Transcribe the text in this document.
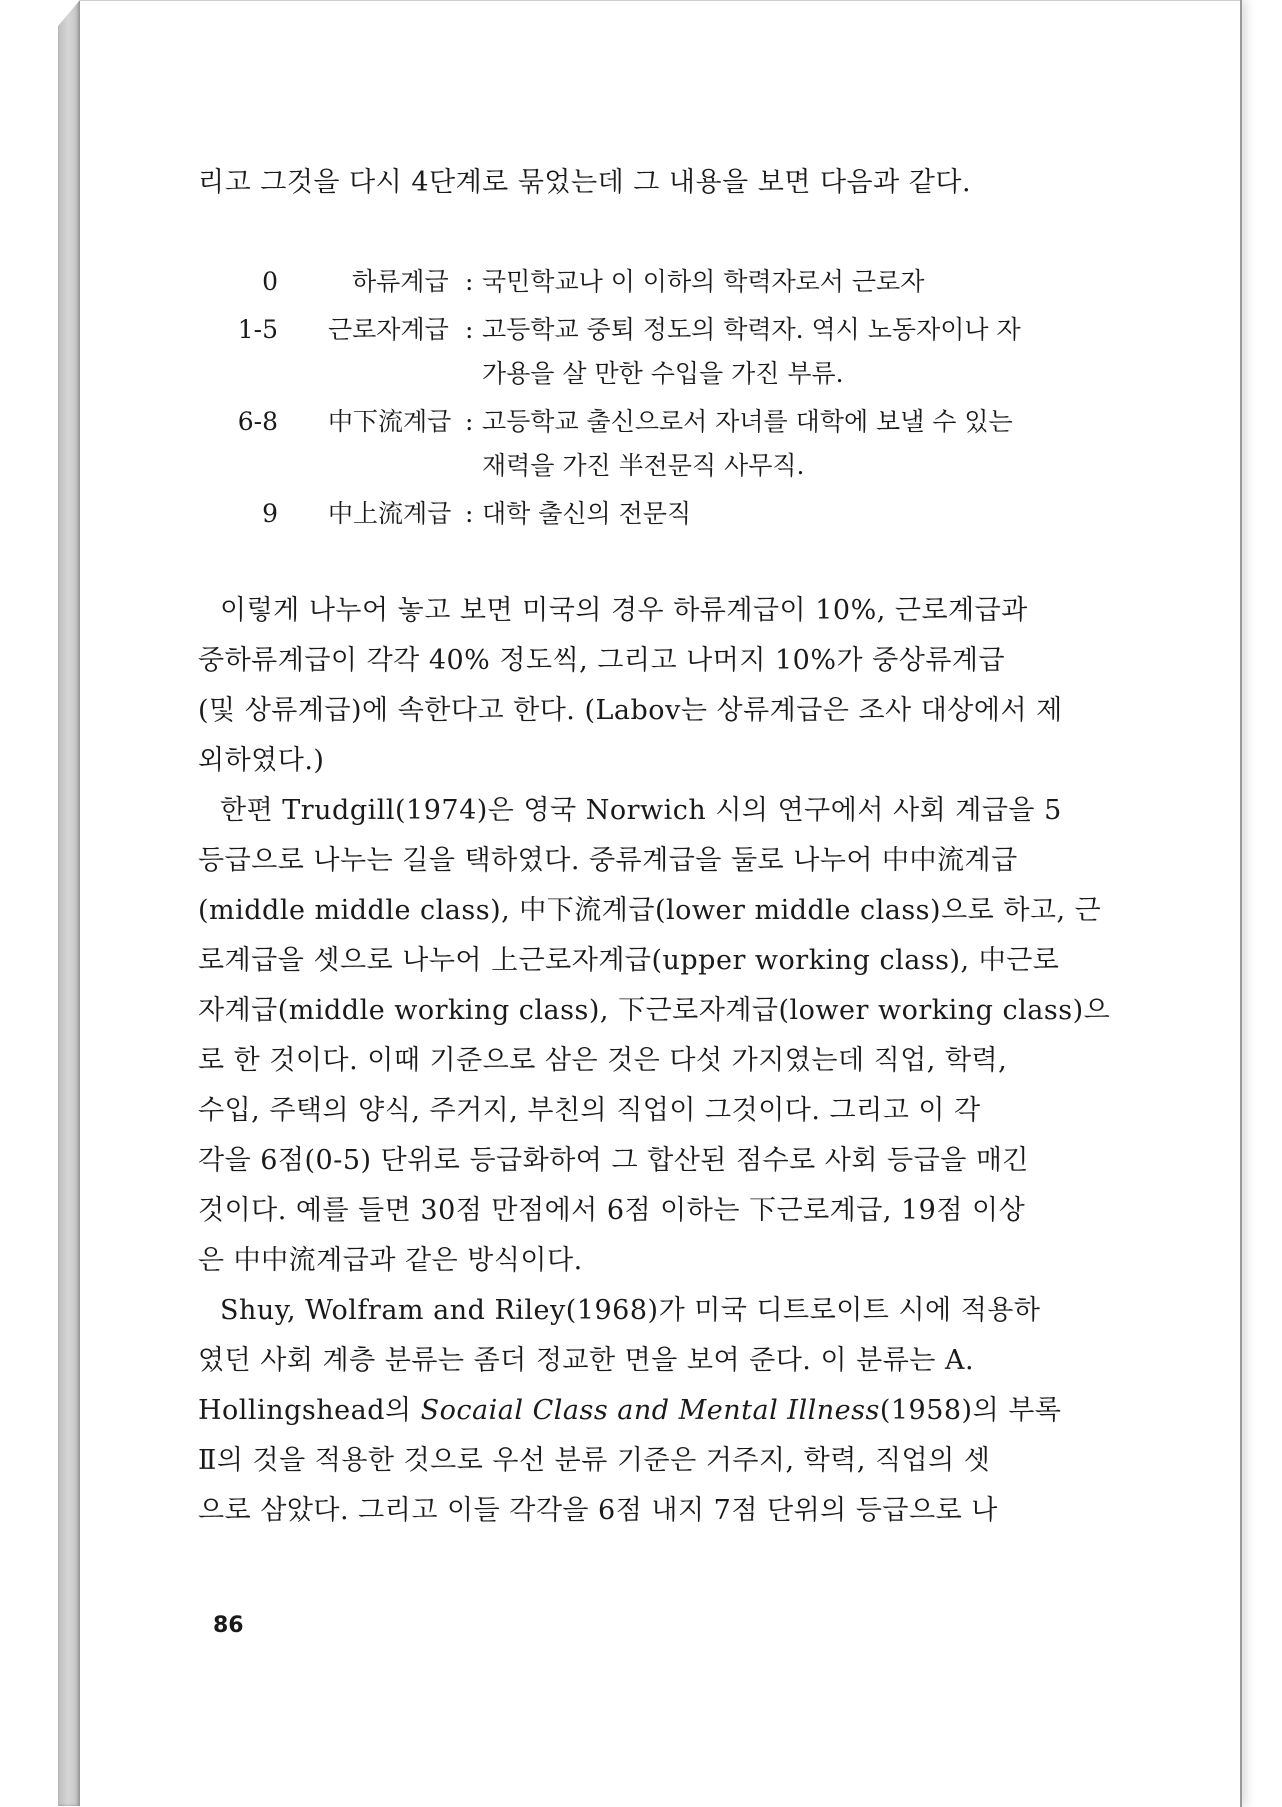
리고 그것을 다시 4단계로 묶었는데 그 내용을 보면 다음과 같다.
0	하류계급 : 국민학교나 이 이하의 학력자로서 근로자
1-5 근로자계급 : 고등학교 중퇴 정도의 학력자. 역시 노동자이나 자
가용을 살 만한 수입을 가진 부류.
6-8 中下流계급 : 고등학교 출신으로서 자녀를 대학에 보낼 수 있는
재력을 가진 半전문직 사무직.
9 中上流계급 : 대학 출신의 전문직
이렇게 나누어 놓고 보면 미국의 경우 하류계급이 10%, 근로계급과
중하류계급이 각각 40% 정도씩, 그리고 나머지 10%가 중상류계급
(및 상류계급)에 속한다고 한다. (Labov는 상류계급은 조사 대상에서 제
외하였다.)
한편 Trudgill(1974)은 영국 Norwich 시의 연구에서 사회 계급을 5
등급으로 나누는 길을 택하였다. 중류계급을 둘로 나누어 中中流계급
(middle middle class), 中下流계급(lower middle class)으로 하고, 근
로계급을 셋으로 나누어 上근로자계급(upper working class), 中근로
자계급(middle working class), 下근로자계급(lower working class)으
로 한 것이다. 이때 기준으로 삼은 것은 다섯 가지였는데 직업, 학력,
수입, 주택의 양식, 주거지, 부친의 직업이 그것이다. 그리고 이 각
각을 6점(0-5) 단위로 등급화하여 그 합산된 점수로 사회 등급을 매긴
것이다. 예를 들면 30점 만점에서 6점 이하는 下근로계급, 19점 이상
은 中中流계급과 같은 방식이다.
Shuy, Wolfram and Riley(1968)가 미국 디트로이트 시에 적용하
였던 사회 계층 분류는 좀더 정교한 면을 보여 준다. 이 분류는 A.
Hollingshead의 Socaial Class and Mental Illness(1958)의 부록
Ⅱ의 것을 적용한 것으로 우선 분류 기준은 거주지, 학력, 직업의 셋
으로 삼았다. 그리고 이들 각각을 6점 내지 7점 단위의 등급으로 나
86
